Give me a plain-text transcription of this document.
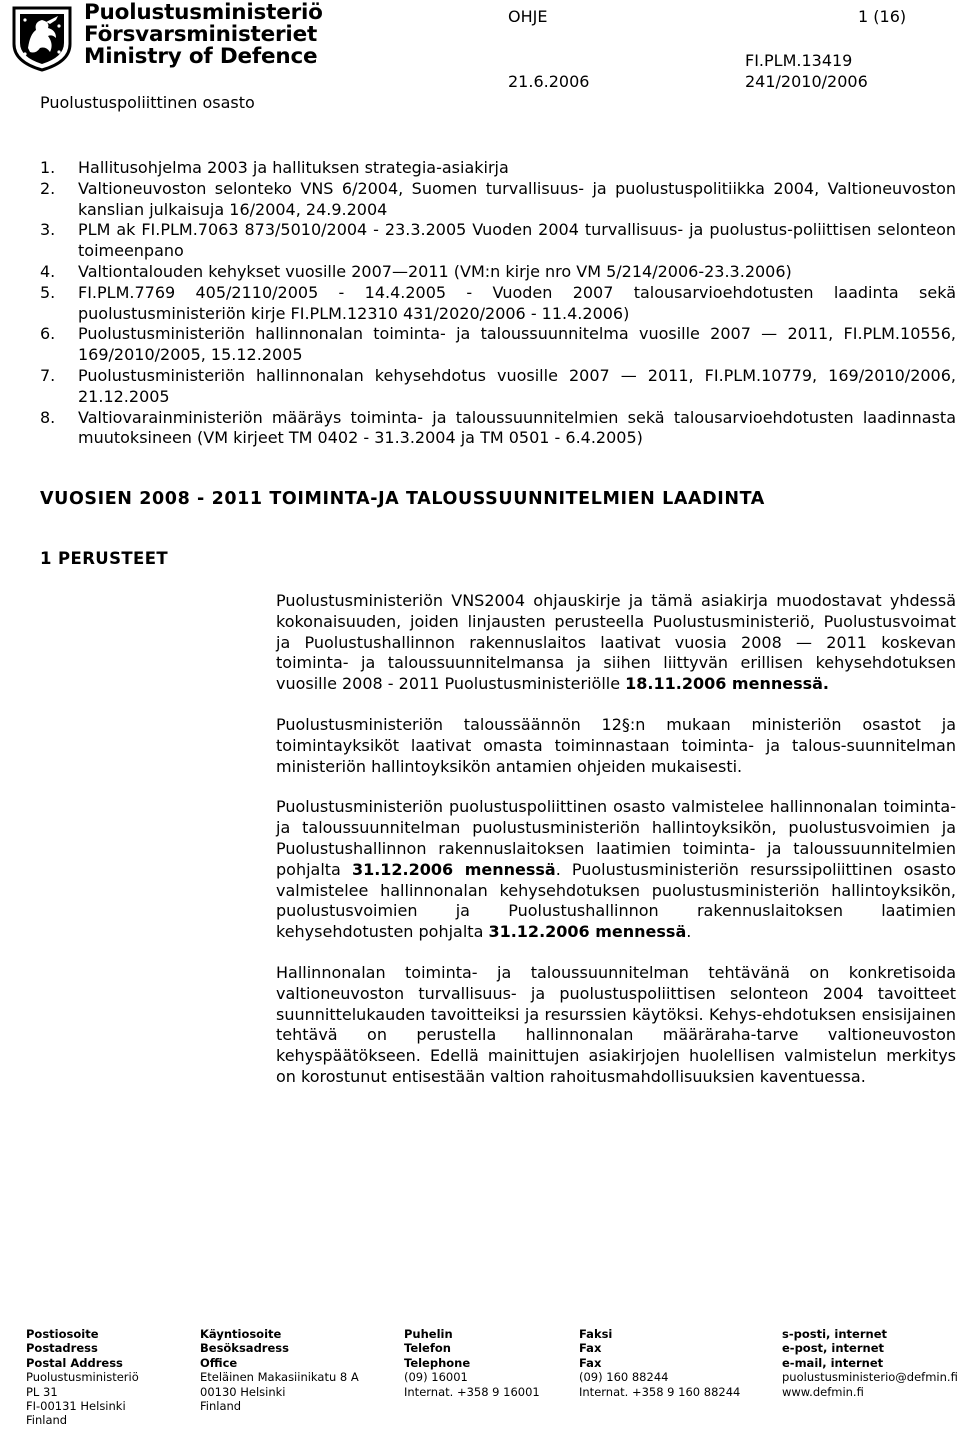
Puolustusministeriö
Försvarsministeriet
Ministry of Defence
Puolustuspoliittinen osasto
OHJE	1 (16)
FI.PLM.13419
21.6.2006	241/2010/2006
1. Hallitusohjelma 2003 ja hallituksen strategia-asiakirja
2. Valtioneuvoston selonteko VNS 6/2004, Suomen turvallisuus- ja puolustuspolitiikka 2004, Valtioneuvoston kanslian julkaisuja 16/2004, 24.9.2004
3. PLM ak FI.PLM.7063 873/5010/2004 - 23.3.2005 Vuoden 2004 turvallisuus- ja puolustus-poliittisen selonteon toimeenpano
4. Valtiontalouden kehykset vuosille 2007—2011 (VM:n kirje nro VM 5/214/2006-23.3.2006)
5. FI.PLM.7769 405/2110/2005 - 14.4.2005 - Vuoden 2007 talousarvioehdotusten laadinta sekä puolustusministeriön kirje FI.PLM.12310 431/2020/2006 - 11.4.2006)
6. Puolustusministeriön hallinnonalan toiminta- ja taloussuunnitelma vuosille 2007 — 2011, FI.PLM.10556, 169/2010/2005, 15.12.2005
7. Puolustusministeriön hallinnonalan kehysehdotus vuosille 2007 — 2011, FI.PLM.10779, 169/2010/2006, 21.12.2005
8. Valtiovarainministeriön määräys toiminta- ja taloussuunnitelmien sekä talousarvioehdotusten laadinnasta muutoksineen (VM kirjeet TM 0402 - 31.3.2004 ja TM 0501 - 6.4.2005)
VUOSIEN 2008 - 2011 TOIMINTA-JA TALOUSSUUNNITELMIEN LAADINTA
1 PERUSTEET

Puolustusministeriön VNS2004 ohjauskirje ja tämä asiakirja muodostavat yhdessä kokonaisuuden, joiden linjausten perusteella Puolustusministeriö, Puolustusvoimat ja Puolustushallinnon rakennuslaitos laativat vuosia 2008 — 2011 koskevan toiminta- ja taloussuunnitelmansa ja siihen liittyvän erillisen kehysehdotuksen vuosille 2008 - 2011 Puolustusministeriölle 18.11.2006 mennessä.

Puolustusministeriön taloussäännön 12§:n mukaan ministeriön osastot ja toimintayksiköt laativat omasta toiminnastaan toiminta- ja talous-suunnitelman ministeriön hallintoyksikön antamien ohjeiden mukaisesti.

Puolustusministeriön puolustuspoliittinen osasto valmistelee hallinnonalan toiminta- ja taloussuunnitelman puolustusministeriön hallintoyksikön, puolustusvoimien ja Puolustushallinnon rakennuslaitoksen laatimien toiminta- ja taloussuunnitelmien pohjalta 31.12.2006 mennessä. Puolustusministeriön resurssipoliittinen osasto valmistelee hallinnonalan kehysehdotuksen puolustusministeriön hallintoyksikön, puolustusvoimien ja Puolustushallinnon rakennuslaitoksen laatimien kehysehdotusten pohjalta 31.12.2006 mennessä.

Hallinnonalan toiminta- ja taloussuunnitelman tehtävänä on konkretisoida valtioneuvoston turvallisuus- ja puolustuspoliittisen selonteon 2004 tavoitteet suunnittelukauden tavoitteiksi ja resurssien käytöksi. Kehys-ehdotuksen ensisijainen tehtävä on perustella hallinnonalan määräraha-tarve valtioneuvoston kehyspäätökseen. Edellä mainittujen asiakirjojen huolellisen valmistelun merkitys on korostunut entisestään valtion rahoitusmahdollisuuksien kaventuessa.

Postiosoite
Postadress
Postal Address
Puolustusministeriö
PL 31
FI-00131 Helsinki
Finland
Käyntiosoite
Besöksadress
Office
Eteläinen Makasiinikatu 8 A
00130 Helsinki
Finland
Puhelin
Telefon
Telephone
(09) 16001
Internat. +358 9 16001
Faksi
Fax
Fax
(09) 160 88244
Internat. +358 9 160 88244
s-posti, internet
e-post, internet
e-mail, internet
puolustusministerio@defmin.fi
www.defmin.fi
